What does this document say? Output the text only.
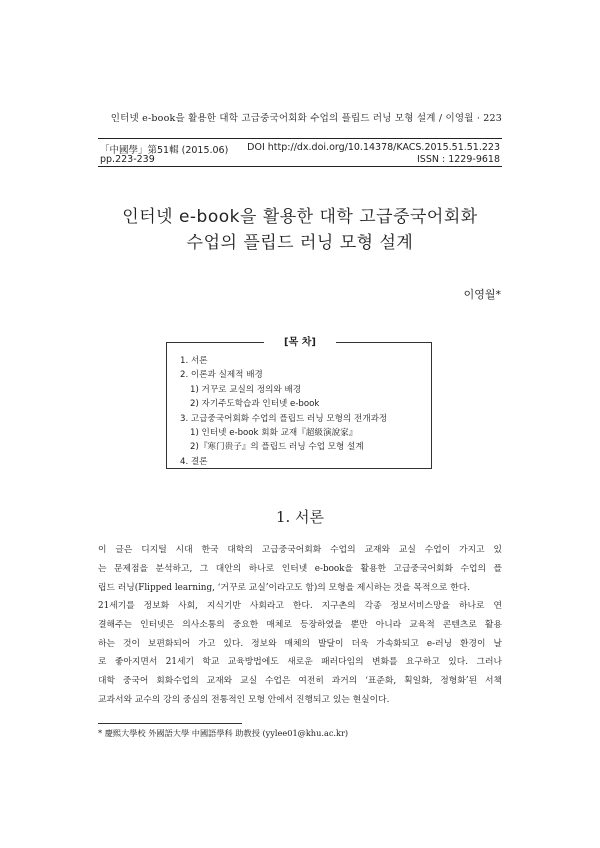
인터넷 e-book을 활용한 대학 고급중국어회화 수업의 플립드 러닝 모형 설계 / 이영월 · 223
「中國學」第51輯 (2015.06)
pp.223-239
DOI http://dx.doi.org/10.14378/KACS.2015.51.51.223
ISSN : 1229-9618
인터넷 e-book을 활용한 대학 고급중국어회화
수업의 플립드 러닝 모형 설계
이영월*
[목 차]
1. 서론
2. 이론과 실제적 배경
1) 거꾸로 교실의 정의와 배경
2) 자기주도학습과 인터넷 e-book
3. 고급중국어회화 수업의 플립드 러닝 모형의 전개과정
1) 인터넷 e-book 회화 교재『超級演說家』
2)『寒门贵子』의 플립드 러닝 수업 모형 설계
4. 결론
1. 서론
이 글은 디지털 시대 한국 대학의 고급중국어회화 수업의 교재와 교실 수업이 가지고 있
는 문제점을 분석하고, 그 대안의 하나로 인터넷 e-book을 활용한 고급중국어회화 수업의 플
립드 러닝(Flipped learning, ‘거꾸로 교실’이라고도 함)의 모형을 제시하는 것을 목적으로 한다.
21세기를 정보화 사회, 지식기반 사회라고 한다. 지구촌의 각종 정보서비스망을 하나로 연
결해주는 인터넷은 의사소통의 중요한 매체로 등장하였을 뿐만 아니라 교육적 콘텐츠로 활용
하는 것이 보편화되어 가고 있다. 정보와 매체의 발달이 더욱 가속화되고 e-러닝 환경이 날
로 좋아지면서 21세기 학교 교육방법에도 새로운 패러다임의 변화를 요구하고 있다. 그러나
대학 중국어 회화수업의 교재와 교실 수업은 여전히 과거의 ‘표준화, 획일화, 정형화’된 서책
교과서와 교수의 강의 중심의 전통적인 모형 안에서 진행되고 있는 현실이다.
* 慶熙大學校 外國語大學 中國語學科 助教授 (yylee01@khu.ac.kr)
